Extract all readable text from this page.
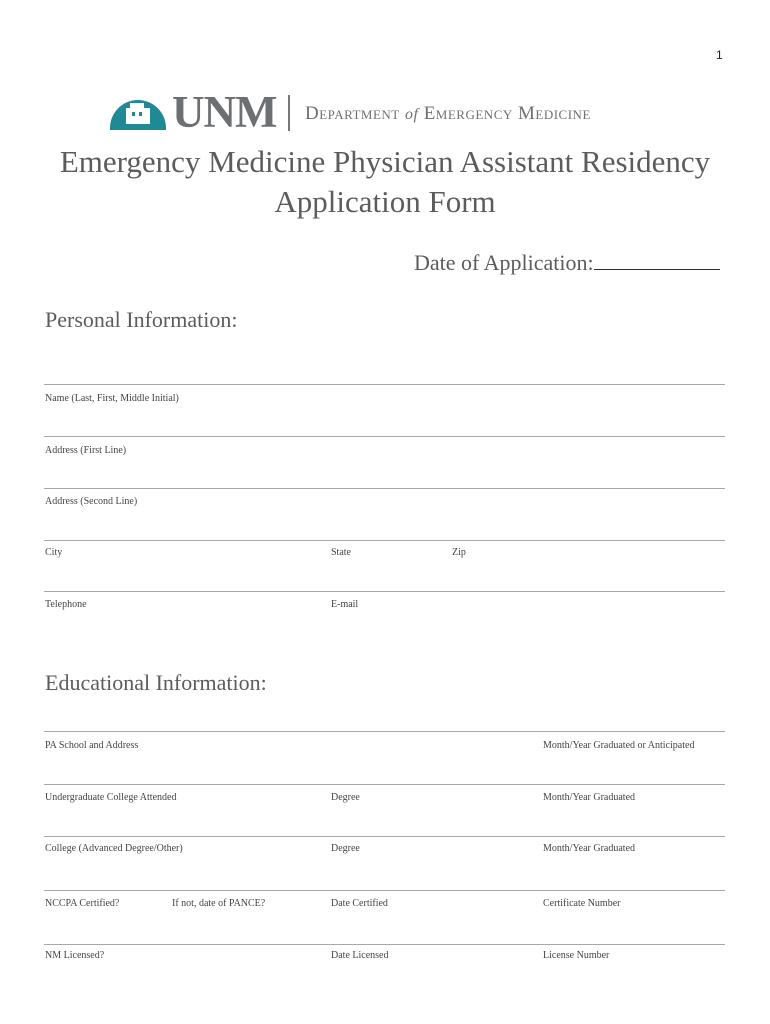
1
UNM Department of Emergency Medicine
Emergency Medicine Physician Assistant Residency
Application Form
Date of Application:
Personal Information:
Name (Last, First, Middle Initial)
Address (First Line)
Address (Second Line)
City	State	Zip
Telephone	E-mail
Educational Information:
PA School and Address	Month/Year Graduated or Anticipated
Undergraduate College Attended	Degree	Month/Year Graduated
College (Advanced Degree/Other)	Degree	Month/Year Graduated
NCCPA Certified?	If not, date of PANCE?	Date Certified	Certificate Number
NM Licensed?	Date Licensed	License Number
